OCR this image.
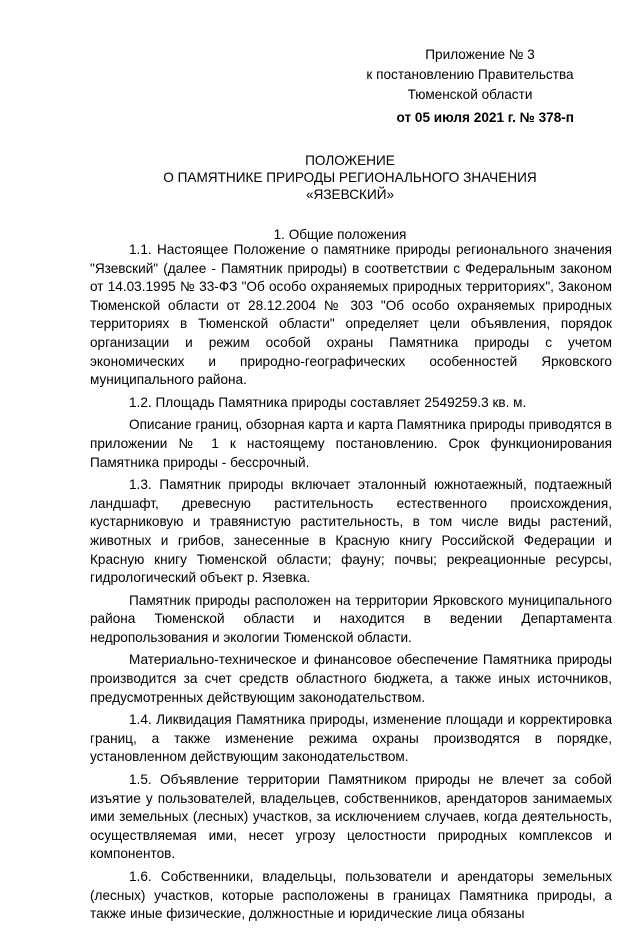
Приложение № 3
к постановлению Правительства
Тюменской области
от 05 июля 2021 г. № 378-п
ПОЛОЖЕНИЕ
О ПАМЯТНИКЕ ПРИРОДЫ РЕГИОНАЛЬНОГО ЗНАЧЕНИЯ
«ЯЗЕВСКИЙ»
1. Общие положения

1.1. Настоящее Положение о памятнике природы регионального значения "Язевский" (далее - Памятник природы) в соответствии с Федеральным законом от 14.03.1995 № 33-ФЗ "Об особо охраняемых природных территориях", Законом Тюменской области от 28.12.2004 № 303 "Об особо охраняемых природных территориях в Тюменской области" определяет цели объявления, порядок организации и режим особой охраны Памятника природы с учетом экономических и природно-географических особенностей Ярковского муниципального района.

1.2. Площадь Памятника природы составляет 2549259.3 кв. м.

Описание границ, обзорная карта и карта Памятника природы приводятся в приложении № 1 к настоящему постановлению. Срок функционирования Памятника природы - бессрочный.

1.3. Памятник природы включает эталонный южнотаежный, подтаежный ландшафт, древесную растительность естественного происхождения, кустарниковую и травянистую растительность, в том числе виды растений, животных и грибов, занесенные в Красную книгу Российской Федерации и Красную книгу Тюменской области; фауну; почвы; рекреационные ресурсы, гидрологический объект р. Язевка.

Памятник природы расположен на территории Ярковского муниципального района Тюменской области и находится в ведении Департамента недропользования и экологии Тюменской области.

Материально-техническое и финансовое обеспечение Памятника природы производится за счет средств областного бюджета, а также иных источников, предусмотренных действующим законодательством.

1.4. Ликвидация Памятника природы, изменение площади и корректировка границ, а также изменение режима охраны производятся в порядке, установленном действующим законодательством.

1.5. Объявление территории Памятником природы не влечет за собой изъятие у пользователей, владельцев, собственников, арендаторов занимаемых ими земельных (лесных) участков, за исключением случаев, когда деятельность, осуществляемая ими, несет угрозу целостности природных комплексов и компонентов.

1.6. Собственники, владельцы, пользователи и арендаторы земельных (лесных) участков, которые расположены в границах Памятника природы, а также иные физические, должностные и юридические лица обязаны
